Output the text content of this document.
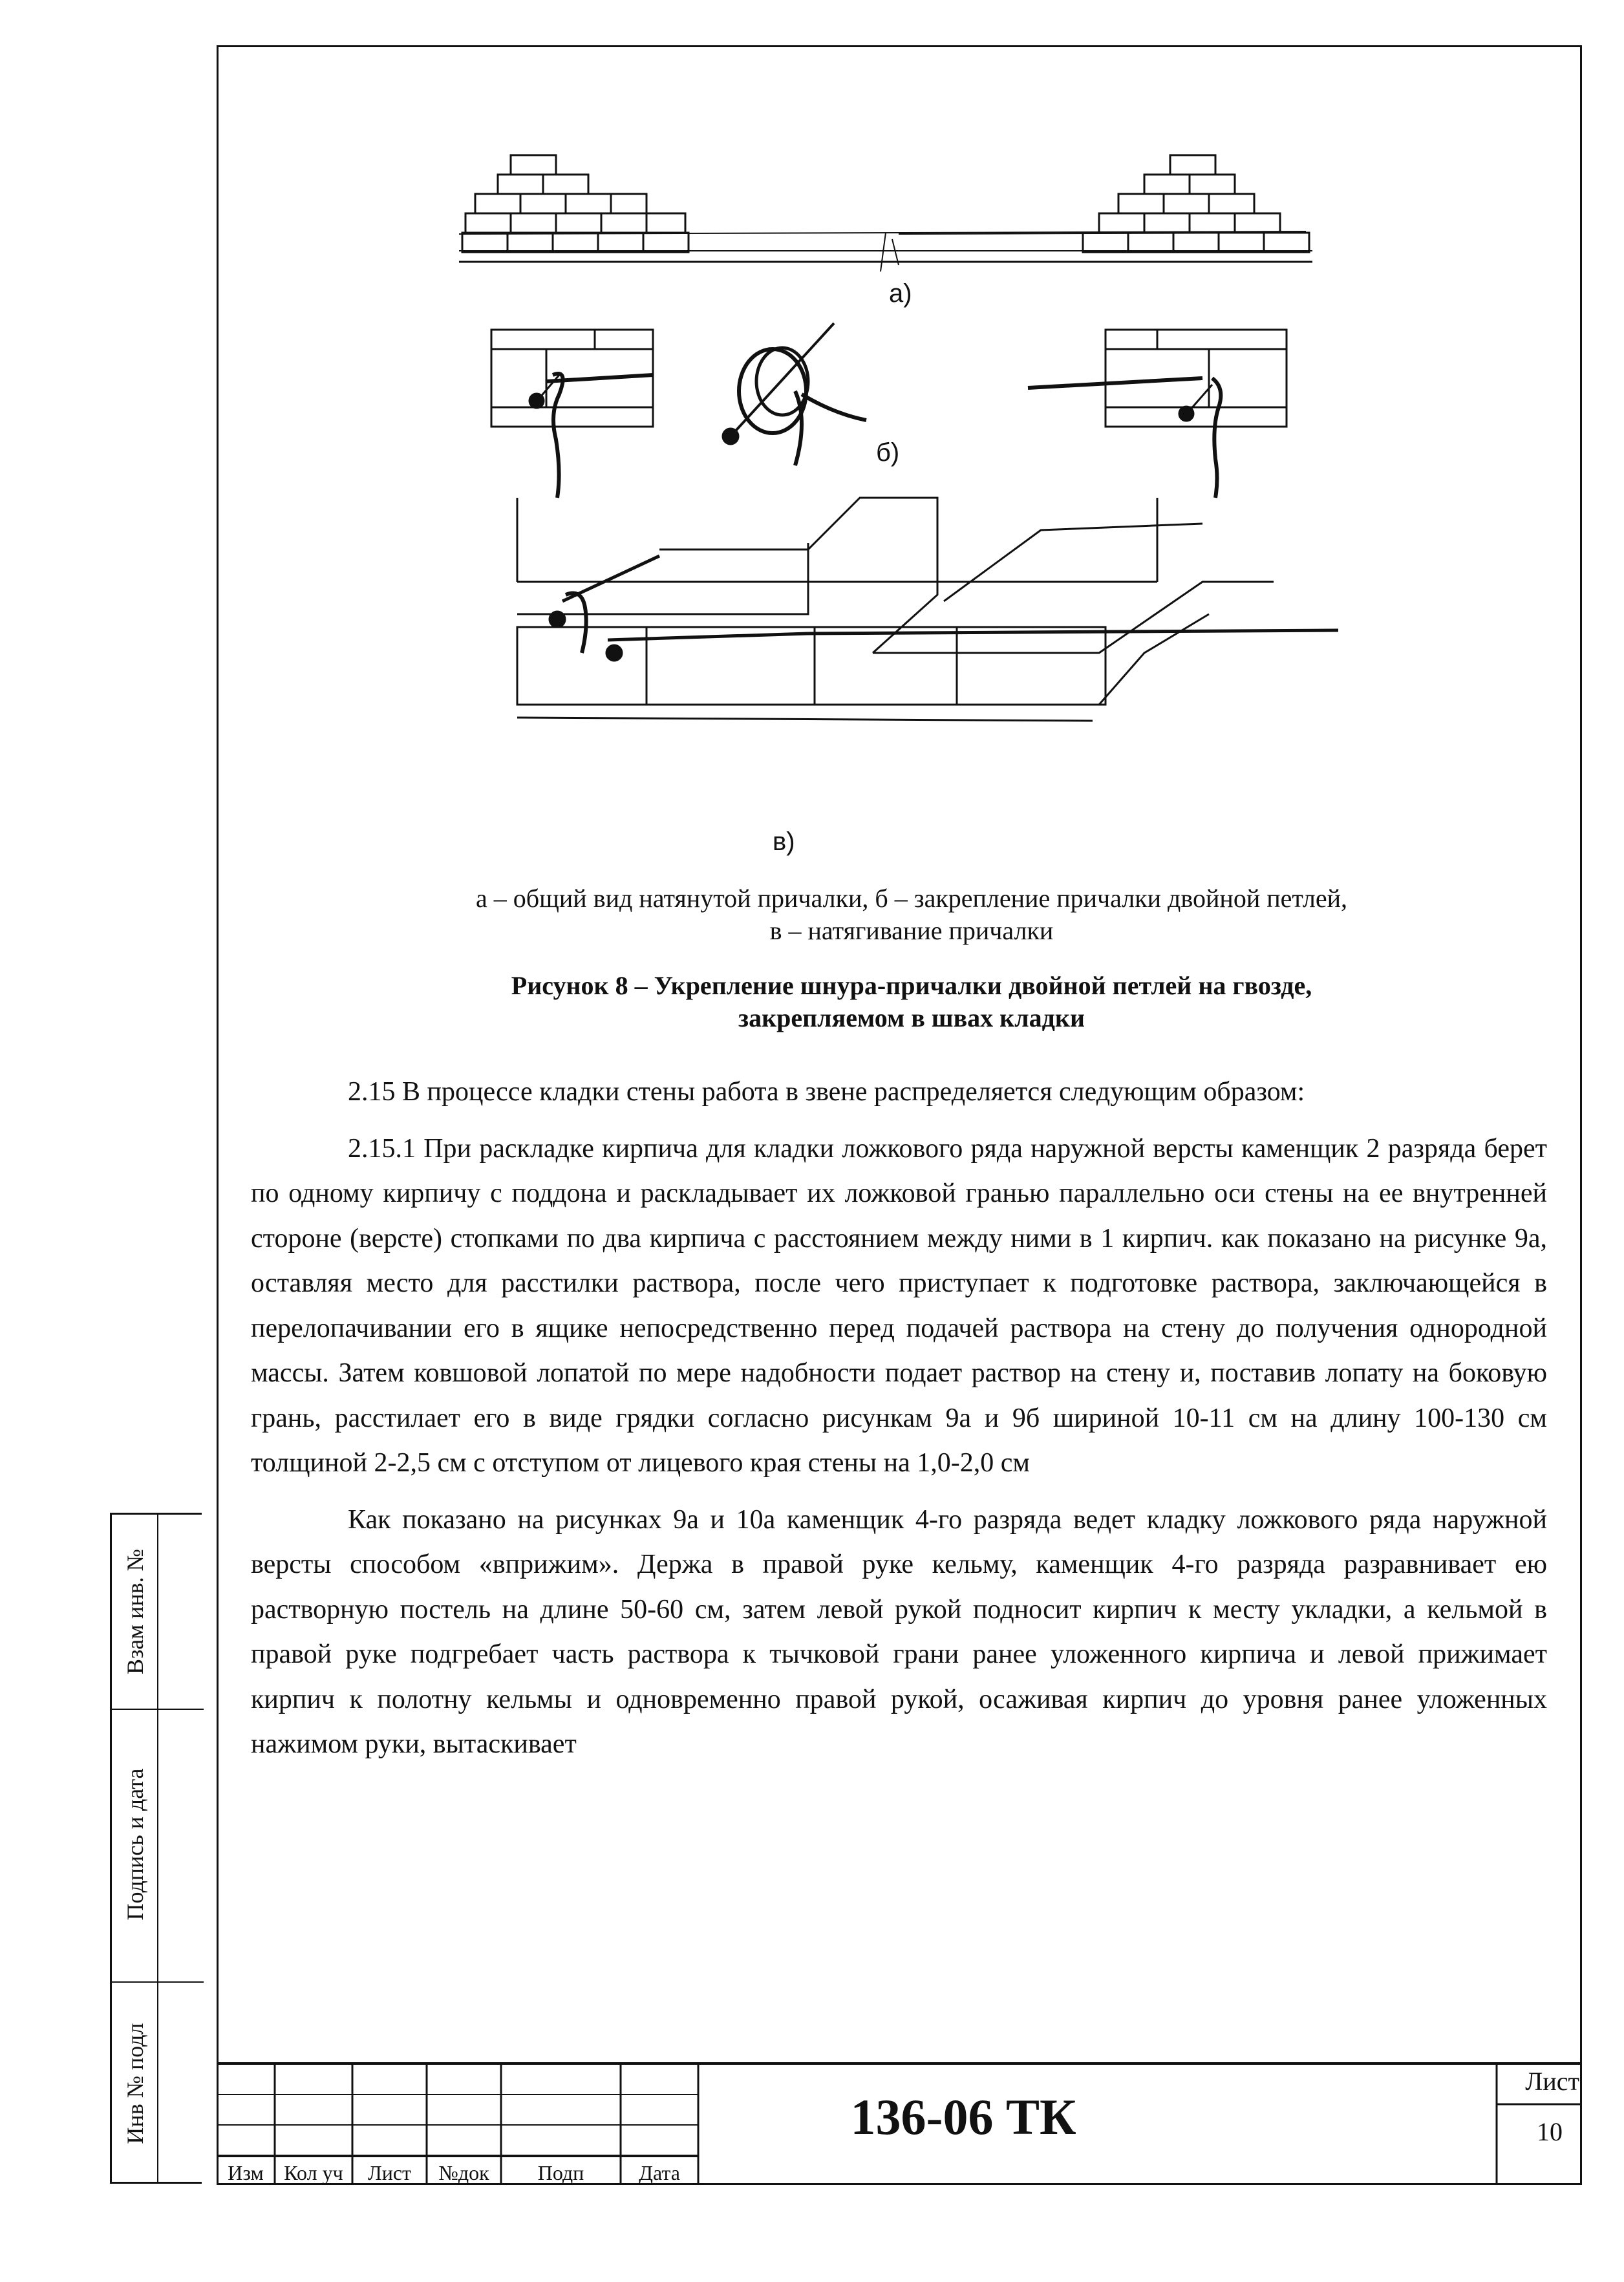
а)
б)
в)
а – общий вид натянутой причалки, б – закрепление причалки двойной петлей,
в – натягивание причалки
Рисунок 8 – Укрепление шнура-причалки двойной петлей на гвозде,
закрепляемом в швах кладки

2.15 В процессе кладки стены работа в звене распределяется следующим образом:

2.15.1 При раскладке кирпича для кладки ложкового ряда наружной версты каменщик 2 разряда берет по одному кирпичу с поддона и раскладывает их ложковой гранью параллельно оси стены на ее внутренней стороне (версте) стопками по два кирпича с расстоянием между ними в 1 кирпич. как показано на рисунке 9а, оставляя место для расстилки раствора, после чего приступает к подготовке раствора, заключающейся в перелопачивании его в ящике непосредственно перед подачей раствора на стену до получения однородной массы. Затем ковшовой лопатой по мере надобности подает раствор на стену и, поставив лопату на боковую грань, расстилает его в виде грядки согласно рисункам 9а и 9б шириной 10-11 см на длину 100-130 см толщиной 2-2,5 см с отступом от лицевого края стены на 1,0-2,0 см

Как показано на рисунках 9а и 10а каменщик 4-го разряда ведет кладку ложкового ряда наружной версты способом «вприжим». Держа в правой руке кельму, каменщик 4-го разряда разравнивает ею растворную постель на длине 50-60 см, затем левой рукой подносит кирпич к месту укладки, а кельмой в правой руке подгребает часть раствора к тычковой грани ранее уложенного кирпича и левой прижимает кирпич к полотну кельмы и одновременно правой рукой, осаживая кирпич до уровня ранее уложенных нажимом руки, вытаскивает

Взам инв. №
Подпись и дата
Инв № подл
Изм Кол уч	Лист	№док	Подп	Дата
136-06 ТК
Лист
10
